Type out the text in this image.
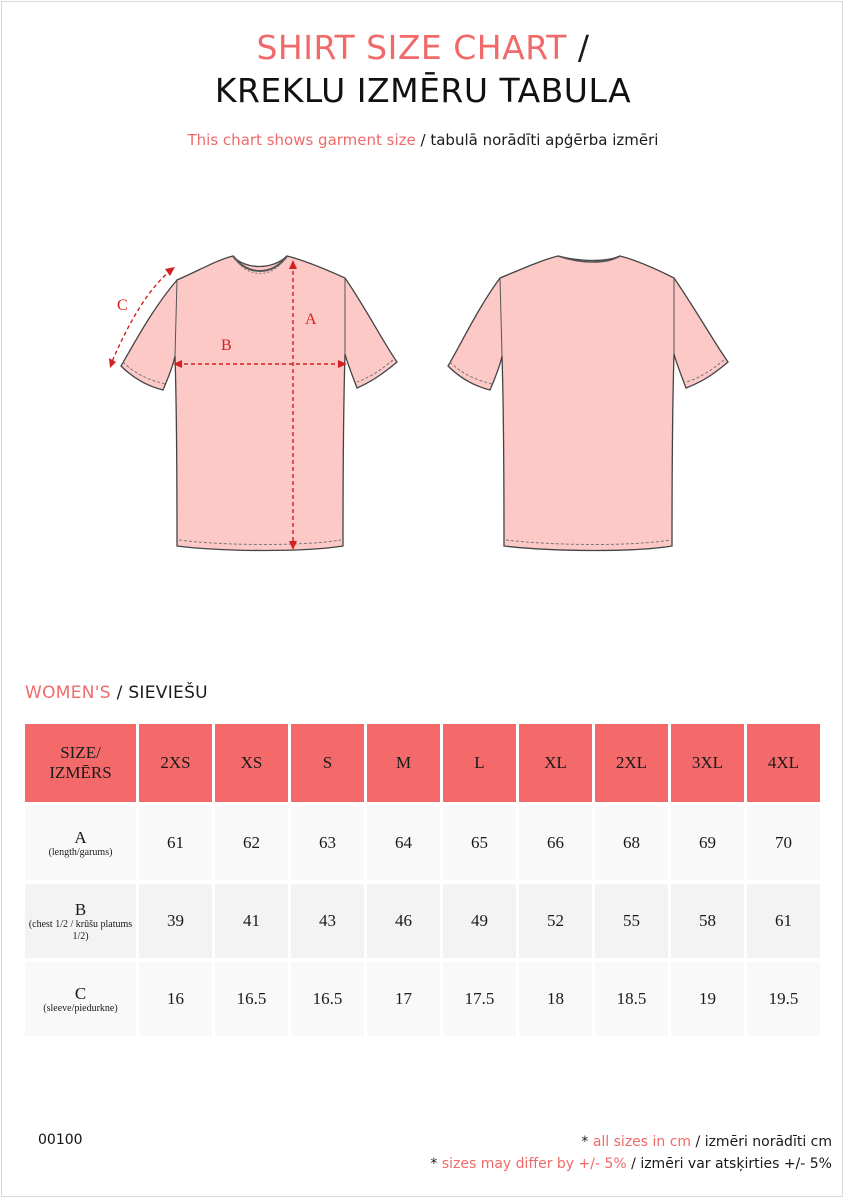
SHIRT SIZE CHART /
KREKLU IZMĒRU TABULA
This chart shows garment size / tabulā norādīti apģērba izmēri
A
B
C
WOMEN'S / SIEVIEŠU
SIZE/
IZMĒRS	2XS	XS	S	M	L	XL	2XL	3XL	4XL

A
(length/garums)	61	62	63	64	65	66	68	69	70

B
(chest 1/2 / krūšu platums 1/2)	39	41	43	46	49	52	55	58	61

C
(sleeve/piedurkne)	16	16.5	16.5	17	17.5	18	18.5	19	19.5
00100	* all sizes in cm / izmēri norādīti cm
* sizes may differ by +/- 5% / izmēri var atsķirties +/- 5%
